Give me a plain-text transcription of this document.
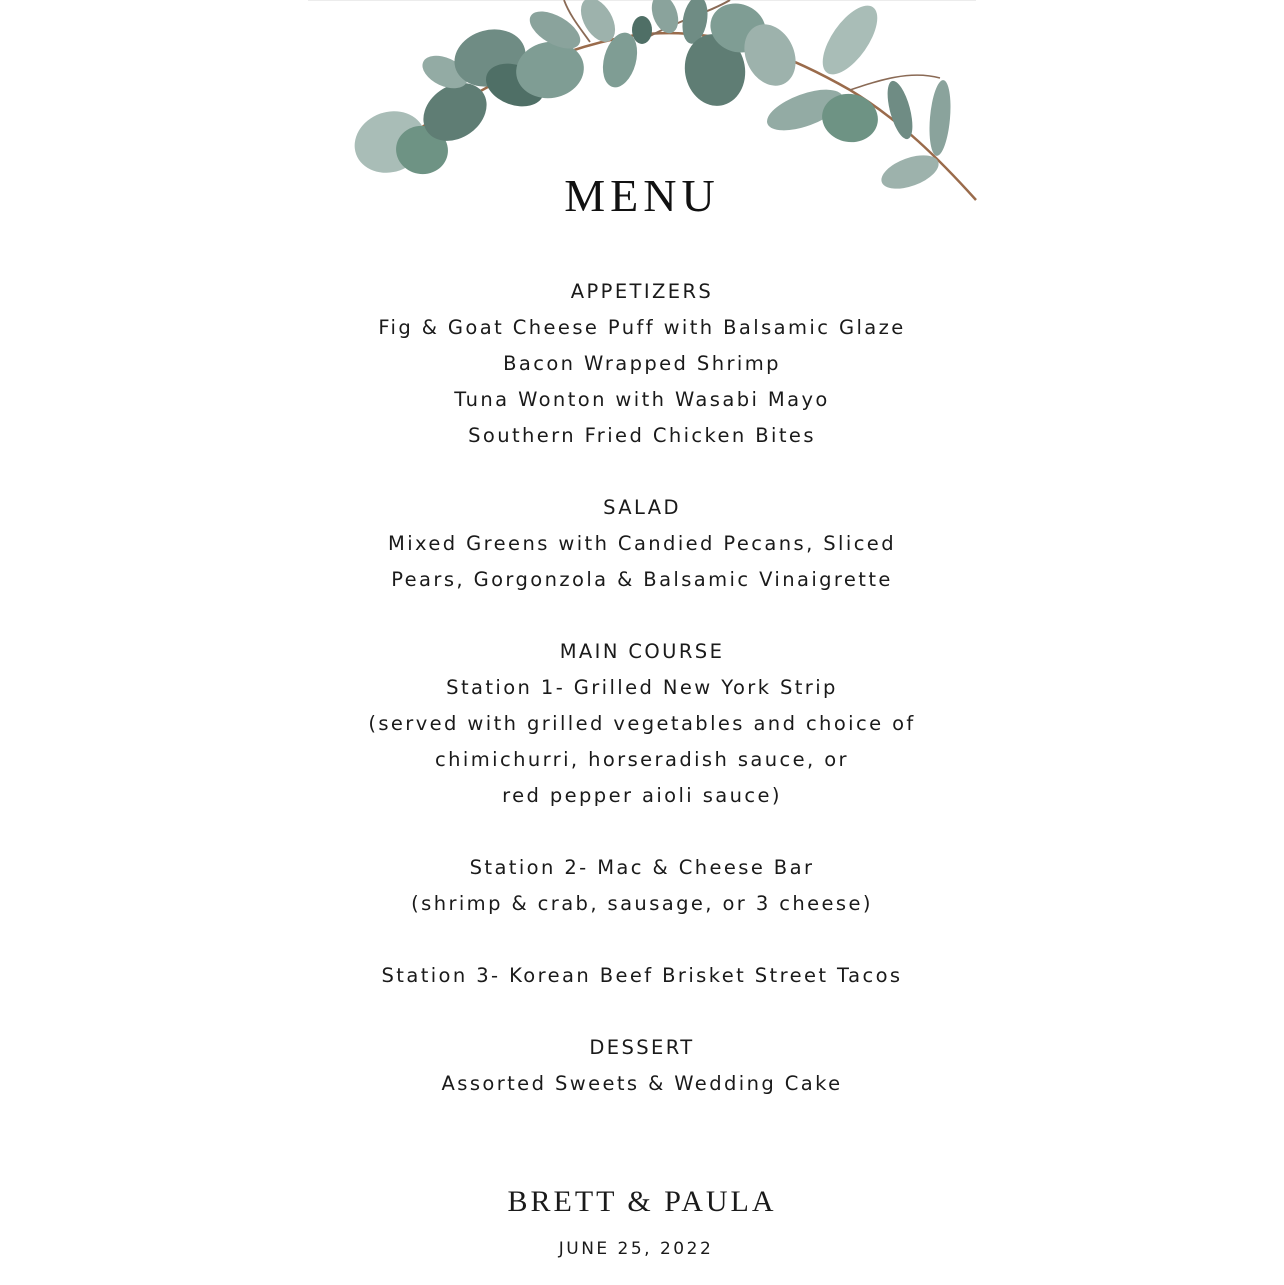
MENU
APPETIZERS
Fig & Goat Cheese Puff with Balsamic Glaze
Bacon Wrapped Shrimp
Tuna Wonton with Wasabi Mayo
Southern Fried Chicken Bites
SALAD
Mixed Greens with Candied Pecans, Sliced
Pears, Gorgonzola & Balsamic Vinaigrette
MAIN COURSE
Station 1- Grilled New York Strip
(served with grilled vegetables and choice of
chimichurri, horseradish sauce, or
red pepper aioli sauce)
Station 2- Mac & Cheese Bar
(shrimp & crab, sausage, or 3 cheese)
Station 3- Korean Beef Brisket Street Tacos
DESSERT
Assorted Sweets & Wedding Cake
BRETT & PAULA
JUNE 25, 2022
